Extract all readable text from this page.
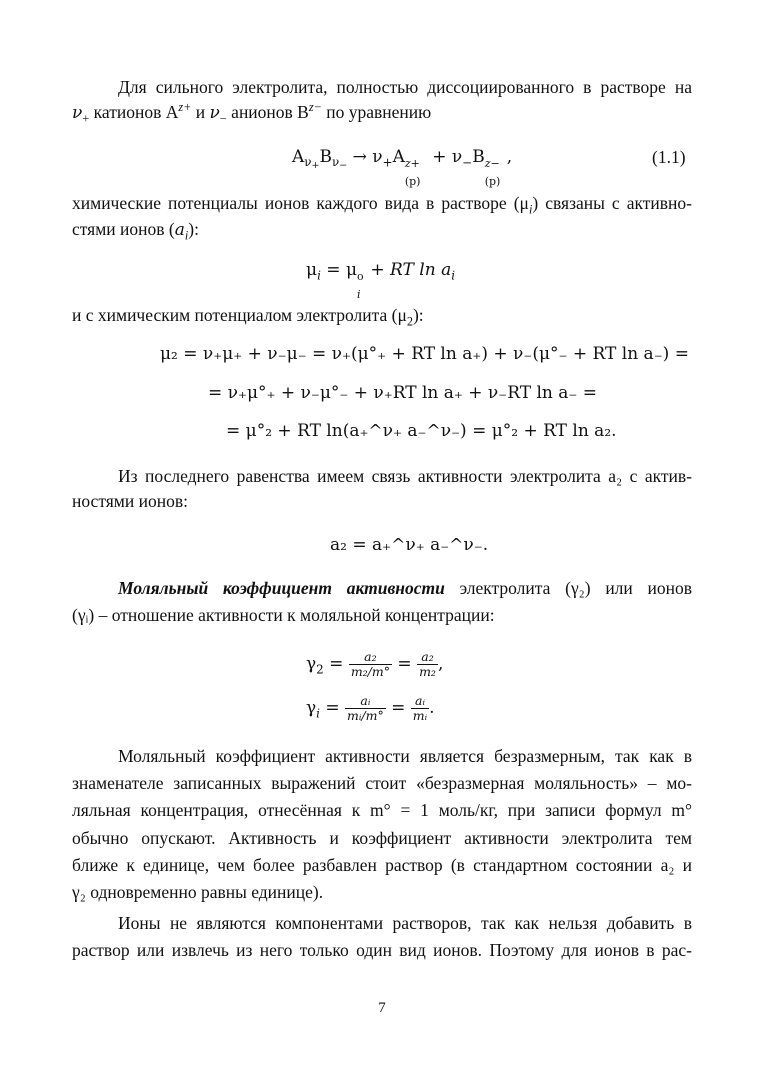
Для сильного электролита, полностью диссоциированного в растворе на
$\nu_+$ катионов $A^{z+}$ и $\nu_-$ анионов $B^{z-}$ по уравнению
$A_{\nu+}B_{\nu-} \to \nu_+A$ z+
(р)
+ $\nu_-B$ z−
(р)
,	(1.1)
химические потенциалы ионов каждого вида в растворе $(\mu_i)$ связаны с активно-
стями ионов $(a_i)$:
$\mu_i = \mu$ o
i
+ RT $\ln a_i$
и с химическим потенциалом электролита $(\mu_2)$:
μ₂ = ν₊μ₊ + ν₋μ₋ = ν₊(μ°₊ + RT ln a₊) + ν₋(μ°₋ + RT ln a₋) =
= ν₊μ°₊ + ν₋μ°₋ + ν₊RT ln a₊ + ν₋RT ln a₋ =
= μ°₂ + RT ln(a₊^ν₊ a₋^ν₋) = μ°₂ + RT ln a₂.
Из последнего равенства имеем связь активности электролита a₂ с актив-
ностями ионов:
a₂ = a₊^ν₊ a₋^ν₋.
Моляльный коэффициент активности электролита (γ₂) или ионов
(γᵢ) – отношение активности к моляльной концентрации:
$\gamma_2 = \frac{\text{a₂}}{\text{m₂/m°}} = \frac{\text{a₂}}{\text{m₂}}$ ,
$\gamma_i = \frac{\text{aᵢ}}{\text{mᵢ/m°}} = \frac{\text{aᵢ}}{\text{mᵢ}}$ .
Моляльный коэффициент активности является безразмерным, так как в
знаменателе записанных выражений стоит «безразмерная моляльность» – мо-
ляльная концентрация, отнесённая к m° = 1 моль/кг, при записи формул m°
обычно опускают. Активность и коэффициент активности электролита тем
ближе к единице, чем более разбавлен раствор (в стандартном состоянии a₂ и
γ₂ одновременно равны единице).
Ионы не являются компонентами растворов, так как нельзя добавить в
раствор или извлечь из него только один вид ионов. Поэтому для ионов в рас-
7
